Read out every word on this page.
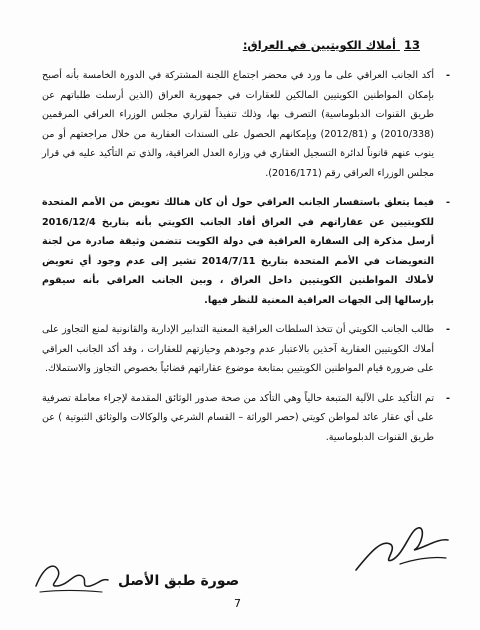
13 أملاك الكويتيين في العراق:
-
أكد الجانب العراقي على ما ورد في محضر اجتماع اللجنة المشتركة في الدورة الخامسة بأنه أصبح بإمكان المواطنين الكويتيين المالكين للعقارات في جمهورية العراق (الذين أرسلت طلباتهم عن طريق القنوات الدبلوماسية) التصرف بها، وذلك تنفيذاً لقراري مجلس الوزراء العراقي المرقمين (2010/338) و (2012/81) وبإمكانهم الحصول على السندات العقارية من خلال مراجعتهم أو من ينوب عنهم قانوناً لدائرة التسجيل العقاري في وزارة العدل العراقية، والذي تم التأكيد عليه في قرار مجلس الوزراء العراقي رقم (2016/171).
-
فيما يتعلق باستفسار الجانب العراقي حول أن كان هنالك تعويض من الأمم المتحدة للكويتيين عن عقاراتهم في العراق أفاد الجانب الكويتي بأنه بتاريخ 2016/12/4 أرسل مذكرة إلى السفارة العراقية في دولة الكويت تتضمن وثيقة صادرة من لجنة التعويضات في الأمم المتحدة بتاريخ 2014/7/11 تشير إلى عدم وجود أي تعويض لأملاك المواطنين الكويتيين داخل العراق ، وبين الجانب العراقي بأنه سيقوم بإرسالها إلى الجهات العراقية المعنية للنظر فيها.
-
طالب الجانب الكويتي أن تتخذ السلطات العراقية المعنية التدابير الإدارية والقانونية لمنع التجاوز على أملاك الكويتيين العقارية آخذين بالاعتبار عدم وجودهم وحيازتهم للعقارات ، وقد أكد الجانب العراقي على ضرورة قيام المواطنين الكويتيين بمتابعة موضوع عقاراتهم قضائياً بخصوص التجاوز والاستملاك.
-
تم التأكيد على الآلية المتبعة حالياً وهي التأكد من صحة صدور الوثائق المقدمة لإجراء معاملة تصرفية على أي عقار عائد لمواطن كويتي (حصر الوراثة – القسام الشرعي والوكالات والوثائق الثبوتية ) عن طريق القنوات الدبلوماسية.
صورة طبق الأصل
7
